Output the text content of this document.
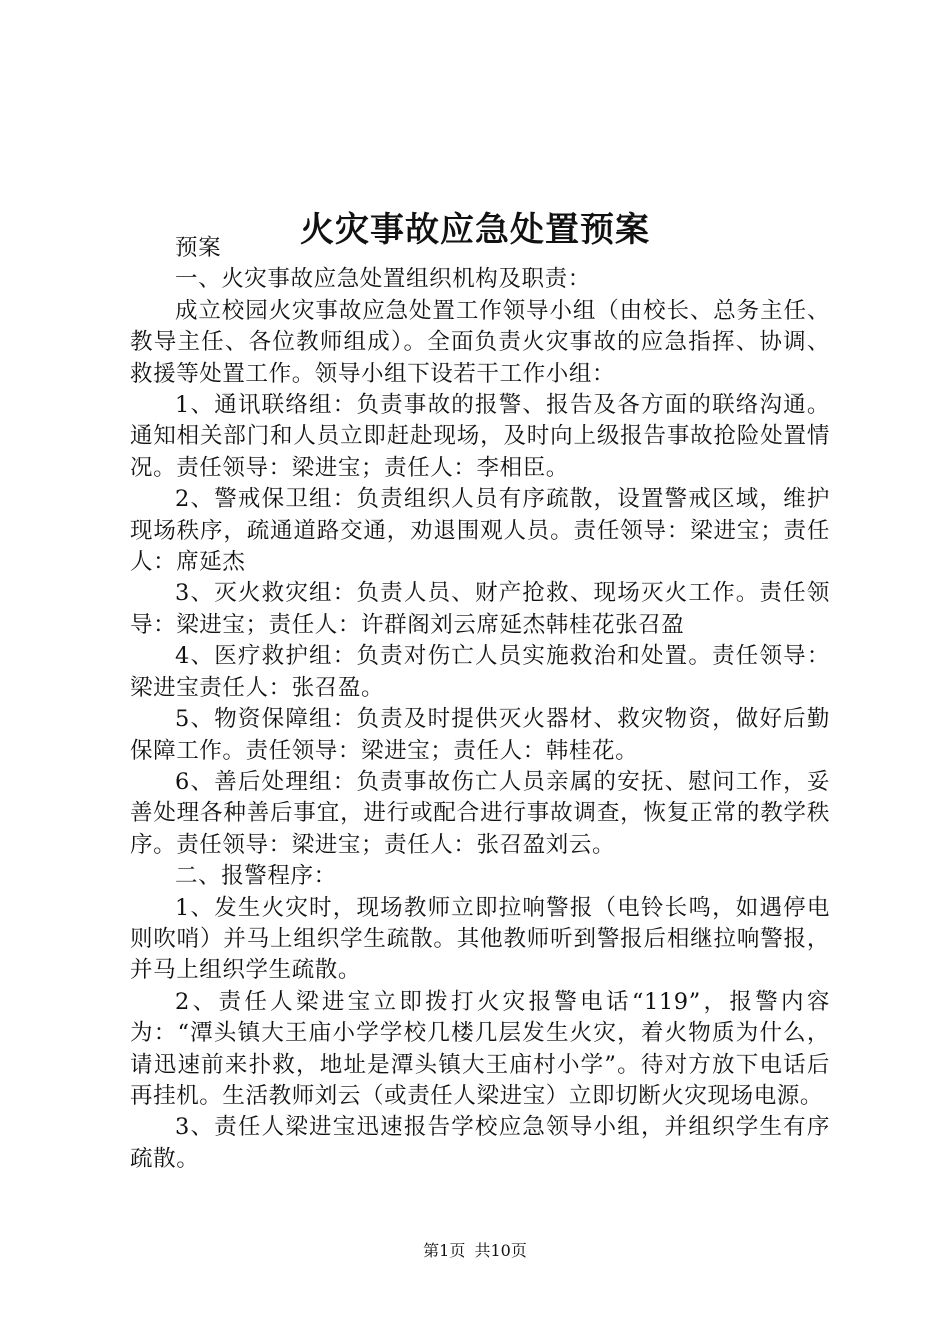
火灾事故应急处置预案

预案

一、火灾事故应急处置组织机构及职责：

成立校园火灾事故应急处置工作领导小组（由校长、总务主任、教导主任、各位教师组成）。全面负责火灾事故的应急指挥、协调、救援等处置工作。领导小组下设若干工作小组：

1、通讯联络组：负责事故的报警、报告及各方面的联络沟通。通知相关部门和人员立即赶赴现场，及时向上级报告事故抢险处置情况。责任领导：梁进宝；责任人：李相臣。

2、警戒保卫组：负责组织人员有序疏散，设置警戒区域，维护现场秩序，疏通道路交通，劝退围观人员。责任领导：梁进宝；责任人：席延杰

3、灭火救灾组：负责人员、财产抢救、现场灭火工作。责任领导：梁进宝；责任人：许群阁刘云席延杰韩桂花张召盈

4、医疗救护组：负责对伤亡人员实施救治和处置。责任领导：梁进宝责任人：张召盈。

5、物资保障组：负责及时提供灭火器材、救灾物资，做好后勤保障工作。责任领导：梁进宝；责任人：韩桂花。

6、善后处理组：负责事故伤亡人员亲属的安抚、慰问工作，妥善处理各种善后事宜，进行或配合进行事故调查，恢复正常的教学秩序。责任领导：梁进宝；责任人：张召盈刘云。

二、报警程序：

1、发生火灾时，现场教师立即拉响警报（电铃长鸣，如遇停电则吹哨）并马上组织学生疏散。其他教师听到警报后相继拉响警报，并马上组织学生疏散。

2、责任人梁进宝立即拨打火灾报警电话“119”，报警内容为：“潭头镇大王庙小学学校几楼几层发生火灾，着火物质为什么，请迅速前来扑救，地址是潭头镇大王庙村小学”。待对方放下电话后再挂机。生活教师刘云（或责任人梁进宝）立即切断火灾现场电源。

3、责任人梁进宝迅速报告学校应急领导小组，并组织学生有序疏散。

第1页 共10页
